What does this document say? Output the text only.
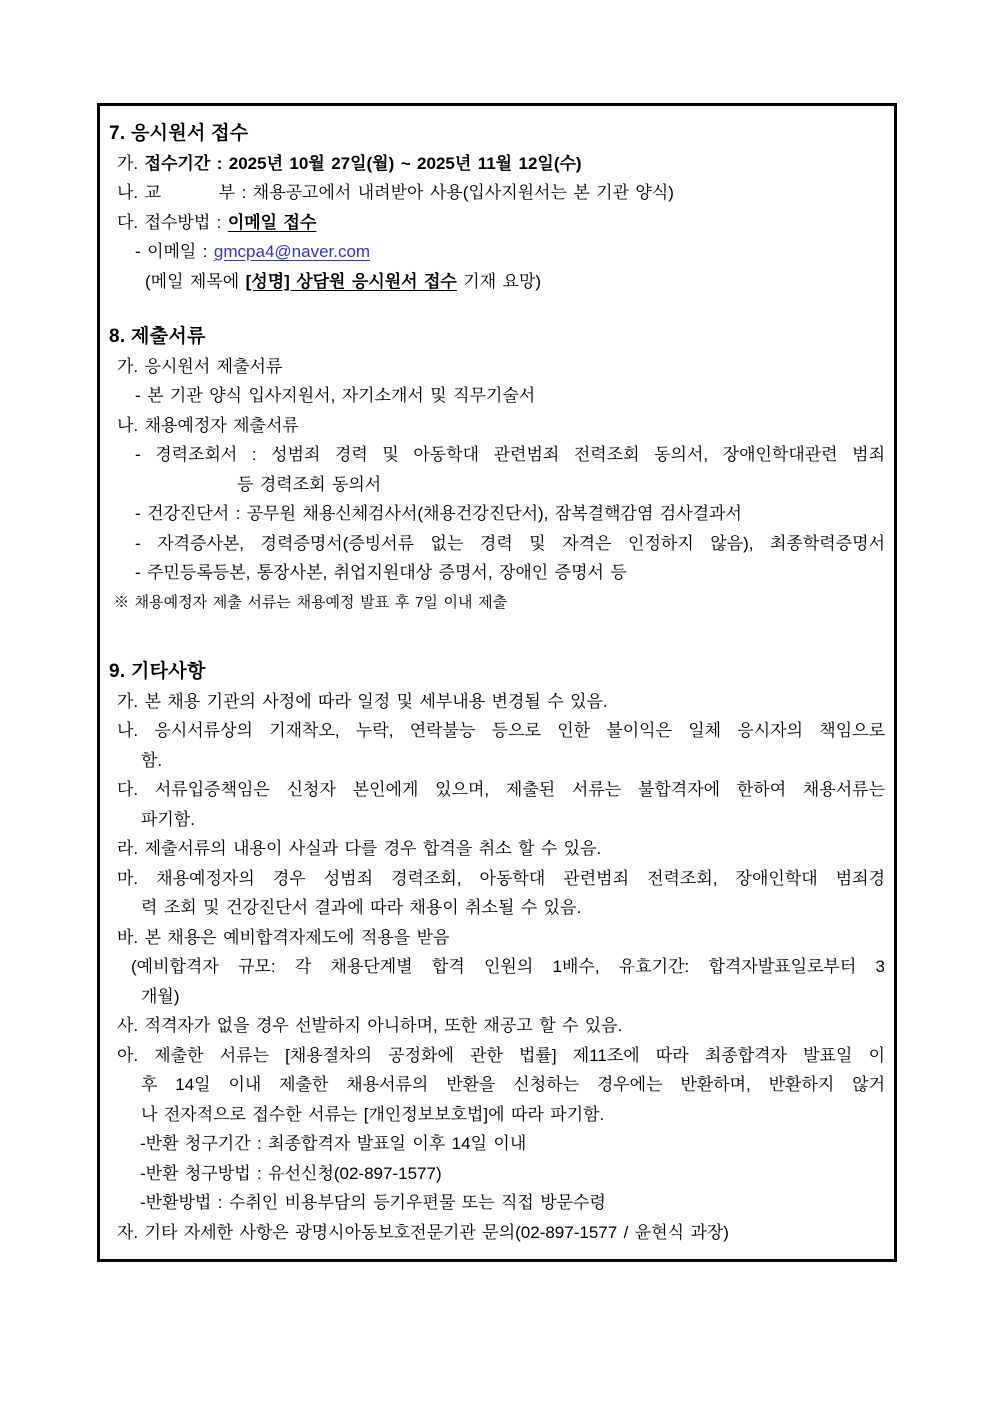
7. 응시원서 접수
가. 접수기간 : 2025년 10월 27일(월) ~ 2025년 11월 12일(수)
나. 교         부 : 채용공고에서 내려받아 사용(입사지원서는 본 기관 양식)
다. 접수방법 : 이메일 접수
- 이메일 : gmcpa4@naver.com
(메일 제목에 [성명] 상담원 응시원서 접수 기재 요망)
8. 제출서류
가. 응시원서 제출서류
- 본 기관 양식 입사지원서, 자기소개서 및 직무기술서
나. 채용예정자 제출서류
- 경력조회서 : 성범죄 경력 및 아동학대 관련범죄 전력조회 동의서, 장애인학대관련 범죄
등 경력조회 동의서
- 건강진단서 : 공무원 채용신체검사서(채용건강진단서), 잠복결핵감염 검사결과서
- 자격증사본, 경력증명서(증빙서류 없는 경력 및 자격은 인정하지 않음), 최종학력증명서
- 주민등록등본, 통장사본, 취업지원대상 증명서, 장애인 증명서 등
※ 채용예정자 제출 서류는 채용예정 발표 후 7일 이내 제출
9. 기타사항
가. 본 채용 기관의 사정에 따라 일정 및 세부내용 변경될 수 있음.
나. 응시서류상의 기재착오, 누락, 연락불능 등으로 인한 불이익은 일체 응시자의 책임으로
함.
다. 서류입증책임은 신청자 본인에게 있으며, 제출된 서류는 불합격자에 한하여 채용서류는
파기함.
라. 제출서류의 내용이 사실과 다를 경우 합격을 취소 할 수 있음.
마. 채용예정자의 경우 성범죄 경력조회, 아동학대 관련범죄 전력조회, 장애인학대 범죄경
력 조회 및 건강진단서 결과에 따라 채용이 취소될 수 있음.
바. 본 채용은 예비합격자제도에 적용을 받음
(예비합격자 규모: 각 채용단계별 합격 인원의 1배수, 유효기간: 합격자발표일로부터 3
개월)
사. 적격자가 없을 경우 선발하지 아니하며, 또한 재공고 할 수 있음.
아. 제출한 서류는 [채용절차의 공정화에 관한 법률] 제11조에 따라 최종합격자 발표일 이
후 14일 이내 제출한 채용서류의 반환을 신청하는 경우에는 반환하며, 반환하지 않거
나 전자적으로 접수한 서류는 [개인정보보호법]에 따라 파기함.
-반환 청구기간 : 최종합격자 발표일 이후 14일 이내
-반환 청구방법 : 유선신청(02-897-1577)
-반환방법 : 수취인 비용부담의 등기우편물 또는 직접 방문수령
자. 기타 자세한 사항은 광명시아동보호전문기관 문의(02-897-1577 / 윤현식 과장)
